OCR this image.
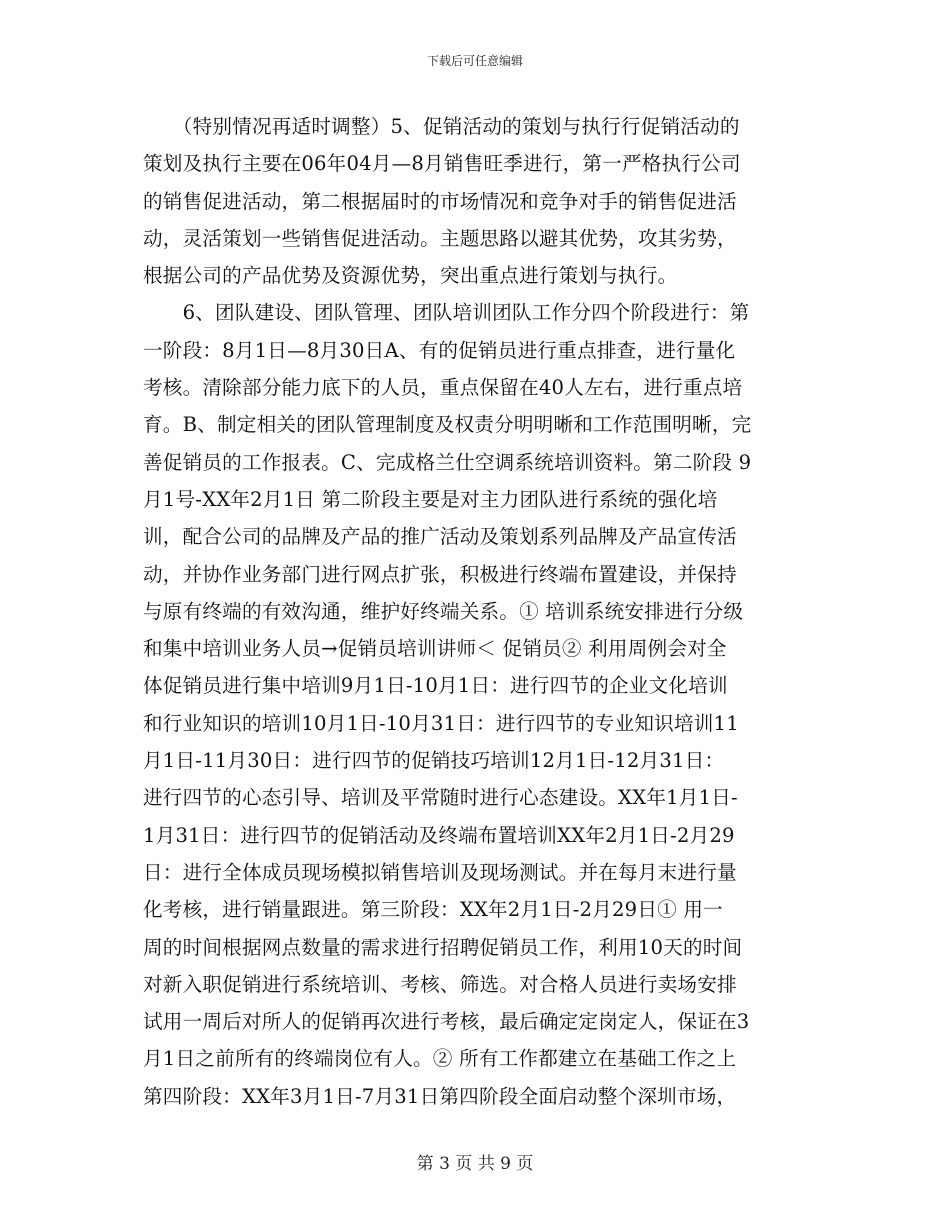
下载后可任意编辑
　　（特别情况再适时调整）5、促销活动的策划与执行行促销活动的
策划及执行主要在06年04月—8月销售旺季进行，第一严格执行公司
的销售促进活动，第二根据届时的市场情况和竞争对手的销售促进活
动，灵活策划一些销售促进活动。主题思路以避其优势，攻其劣势，
根据公司的产品优势及资源优势，突出重点进行策划与执行。
　　6、团队建设、团队管理、团队培训团队工作分四个阶段进行：第
一阶段：8月1日—8月30日A、有的促销员进行重点排查，进行量化
考核。清除部分能力底下的人员，重点保留在40人左右，进行重点培
育。B、制定相关的团队管理制度及权责分明明晰和工作范围明晰，完
善促销员的工作报表。C、完成格兰仕空调系统培训资料。第二阶段 9
月1号-XX年2月1日 第二阶段主要是对主力团队进行系统的强化培
训，配合公司的品牌及产品的推广活动及策划系列品牌及产品宣传活
动，并协作业务部门进行网点扩张，积极进行终端布置建设，并保持
与原有终端的有效沟通，维护好终端关系。① 培训系统安排进行分级
和集中培训业务人员→促销员培训讲师＜ 促销员② 利用周例会对全
体促销员进行集中培训9月1日-10月1日：进行四节的企业文化培训
和行业知识的培训10月1日-10月31日：进行四节的专业知识培训11
月1日-11月30日：进行四节的促销技巧培训12月1日-12月31日：
进行四节的心态引导、培训及平常随时进行心态建设。XX年1月1日-
1月31日：进行四节的促销活动及终端布置培训XX年2月1日-2月29
日：进行全体成员现场模拟销售培训及现场测试。并在每月末进行量
化考核，进行销量跟进。第三阶段：XX年2月1日-2月29日① 用一
周的时间根据网点数量的需求进行招聘促销员工作，利用10天的时间
对新入职促销进行系统培训、考核、筛选。对合格人员进行卖场安排
试用一周后对所人的促销再次进行考核，最后确定定岗定人，保证在3
月1日之前所有的终端岗位有人。② 所有工作都建立在基础工作之上
第四阶段：XX年3月1日-7月31日第四阶段全面启动整个深圳市场，
第 3 页 共 9 页
